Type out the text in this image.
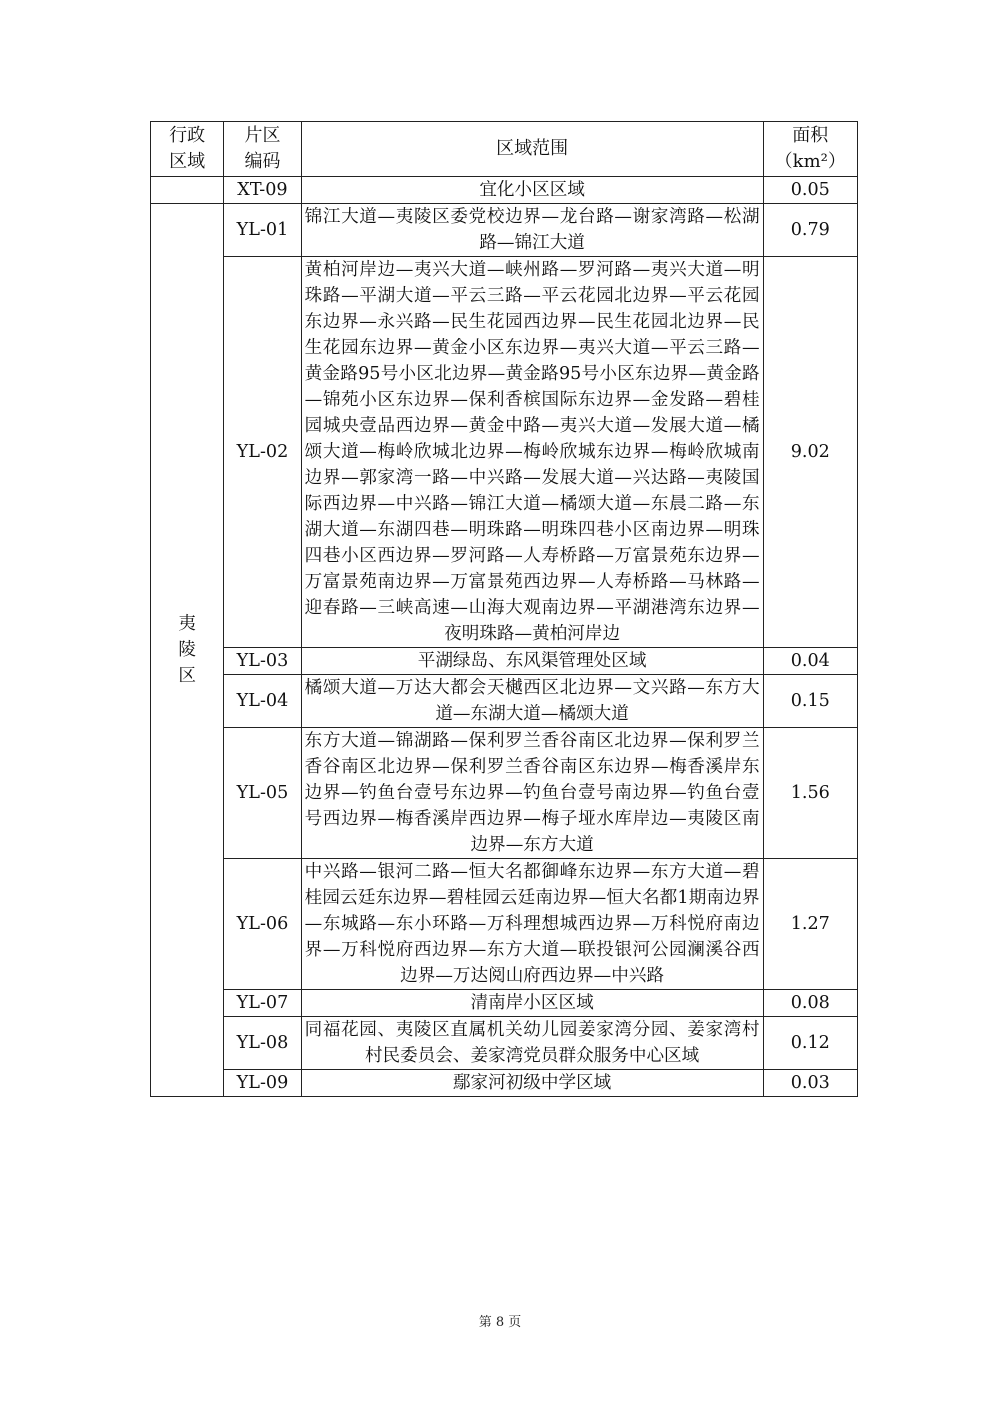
行政区域	片区编码	区域范围	面积（km²）

	XT-09	宜化小区区域	0.05

夷陵区	YL-01	锦江大道—夷陵区委党校边界—龙台路—谢家湾路—松湖路—锦江大道	0.79
	YL-02	黄柏河岸边—夷兴大道—峡州路—罗河路—夷兴大道—明珠路—平湖大道—平云三路—平云花园北边界—平云花园东边界—永兴路—民生花园西边界—民生花园北边界—民生花园东边界—黄金小区东边界—夷兴大道—平云三路—黄金路95号小区北边界—黄金路95号小区东边界—黄金路—锦苑小区东边界—保利香槟国际东边界—金发路—碧桂园城央壹品西边界—黄金中路—夷兴大道—发展大道—橘颂大道—梅岭欣城北边界—梅岭欣城东边界—梅岭欣城南边界—郭家湾一路—中兴路—发展大道—兴达路—夷陵国际西边界—中兴路—锦江大道—橘颂大道—东晨二路—东湖大道—东湖四巷—明珠路—明珠四巷小区南边界—明珠四巷小区西边界—罗河路—人寿桥路—万富景苑东边界—万富景苑南边界—万富景苑西边界—人寿桥路—马林路—迎春路—三峡高速—山海大观南边界—平湖港湾东边界—夜明珠路—黄柏河岸边	9.02
	YL-03	平湖绿岛、东风渠管理处区域	0.04
	YL-04	橘颂大道—万达大都会天樾西区北边界—文兴路—东方大道—东湖大道—橘颂大道	0.15
	YL-05	东方大道—锦湖路—保利罗兰香谷南区北边界—保利罗兰香谷南区北边界—保利罗兰香谷南区东边界—梅香溪岸东边界—钓鱼台壹号东边界—钓鱼台壹号南边界—钓鱼台壹号西边界—梅香溪岸西边界—梅子垭水库岸边—夷陵区南边界—东方大道	1.56
	YL-06	中兴路—银河二路—恒大名都御峰东边界—东方大道—碧桂园云廷东边界—碧桂园云廷南边界—恒大名都1期南边界—东城路—东小环路—万科理想城西边界—万科悦府南边界—万科悦府西边界—东方大道—联投银河公园澜溪谷西边界—万达阅山府西边界—中兴路	1.27
	YL-07	清南岸小区区域	0.08
	YL-08	同福花园、夷陵区直属机关幼儿园姜家湾分园、姜家湾村村民委员会、姜家湾党员群众服务中心区域	0.12
	YL-09	鄢家河初级中学区域	0.03
第 8 页
